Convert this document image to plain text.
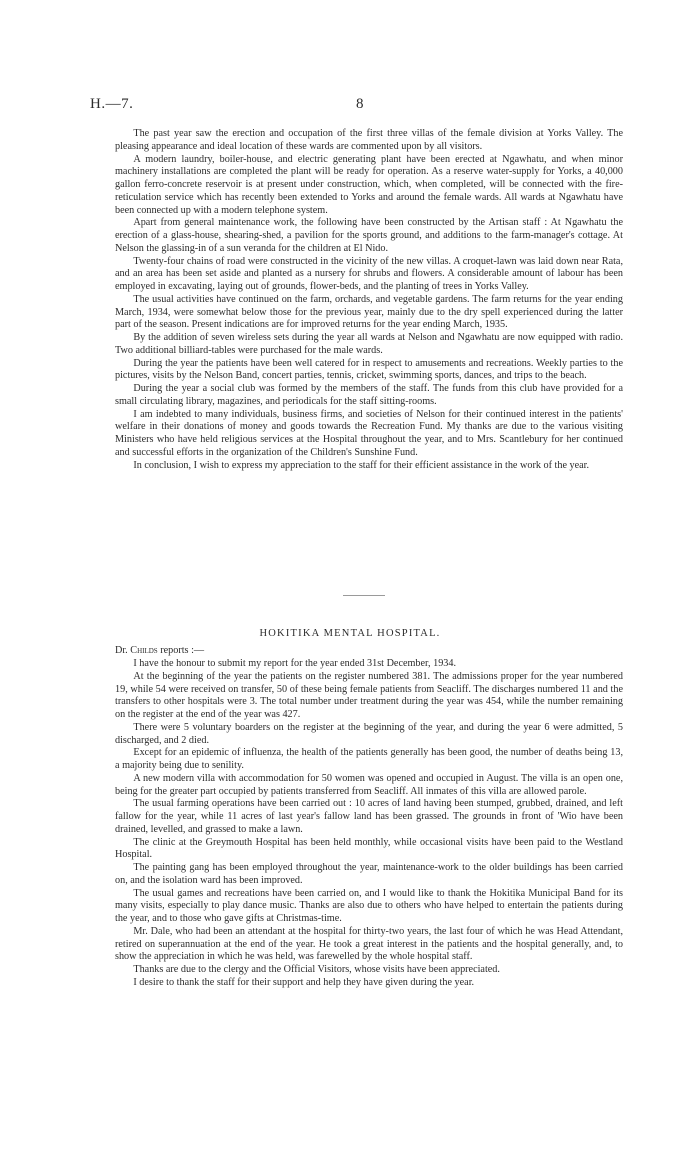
H.—7.	8

The past year saw the erection and occupation of the first three villas of the female division at Yorks Valley. The pleasing appearance and ideal location of these wards are commented upon by all visitors.

A modern laundry, boiler-house, and electric generating plant have been erected at Ngawhatu, and when minor machinery installations are completed the plant will be ready for operation. As a reserve water-supply for Yorks, a 40,000 gallon ferro-concrete reservoir is at present under construction, which, when completed, will be connected with the fire-reticulation service which has recently been extended to Yorks and around the female wards. All wards at Ngawhatu have been connected up with a modern telephone system.

Apart from general maintenance work, the following have been constructed by the Artisan staff : At Ngawhatu the erection of a glass-house, shearing-shed, a pavilion for the sports ground, and additions to the farm-manager's cottage. At Nelson the glassing-in of a sun veranda for the children at El Nido.

Twenty-four chains of road were constructed in the vicinity of the new villas. A croquet-lawn was laid down near Rata, and an area has been set aside and planted as a nursery for shrubs and flowers. A considerable amount of labour has been employed in excavating, laying out of grounds, flower-beds, and the planting of trees in Yorks Valley.

The usual activities have continued on the farm, orchards, and vegetable gardens. The farm returns for the year ending March, 1934, were somewhat below those for the previous year, mainly due to the dry spell experienced during the latter part of the season. Present indications are for improved returns for the year ending March, 1935.

By the addition of seven wireless sets during the year all wards at Nelson and Ngawhatu are now equipped with radio. Two additional billiard-tables were purchased for the male wards.

During the year the patients have been well catered for in respect to amusements and recreations. Weekly parties to the pictures, visits by the Nelson Band, concert parties, tennis, cricket, swimming sports, dances, and trips to the beach.

During the year a social club was formed by the members of the staff. The funds from this club have provided for a small circulating library, magazines, and periodicals for the staff sitting-rooms.

I am indebted to many individuals, business firms, and societies of Nelson for their continued interest in the patients' welfare in their donations of money and goods towards the Recreation Fund. My thanks are due to the various visiting Ministers who have held religious services at the Hospital throughout the year, and to Mrs. Scantlebury for her continued and successful efforts in the organization of the Children's Sunshine Fund.

In conclusion, I wish to express my appreciation to the staff for their efficient assistance in the work of the year.

HOKITIKA MENTAL HOSPITAL.
Dr. Childs reports :—

I have the honour to submit my report for the year ended 31st December, 1934.

At the beginning of the year the patients on the register numbered 381. The admissions proper for the year numbered 19, while 54 were received on transfer, 50 of these being female patients from Seacliff. The discharges numbered 11 and the transfers to other hospitals were 3. The total number under treatment during the year was 454, while the number remaining on the register at the end of the year was 427.

There were 5 voluntary boarders on the register at the beginning of the year, and during the year 6 were admitted, 5 discharged, and 2 died.

Except for an epidemic of influenza, the health of the patients generally has been good, the number of deaths being 13, a majority being due to senility.

A new modern villa with accommodation for 50 women was opened and occupied in August. The villa is an open one, being for the greater part occupied by patients transferred from Seacliff. All inmates of this villa are allowed parole.

The usual farming operations have been carried out : 10 acres of land having been stumped, grubbed, drained, and left fallow for the year, while 11 acres of last year's fallow land has been grassed. The grounds in front of 'Wio have been drained, levelled, and grassed to make a lawn.

The clinic at the Greymouth Hospital has been held monthly, while occasional visits have been paid to the Westland Hospital.

The painting gang has been employed throughout the year, maintenance-work to the older buildings has been carried on, and the isolation ward has been improved.

The usual games and recreations have been carried on, and I would like to thank the Hokitika Municipal Band for its many visits, especially to play dance music. Thanks are also due to others who have helped to entertain the patients during the year, and to those who gave gifts at Christmas-time.

Mr. Dale, who had been an attendant at the hospital for thirty-two years, the last four of which he was Head Attendant, retired on superannuation at the end of the year. He took a great interest in the patients and the hospital generally, and, to show the appreciation in which he was held, was farewelled by the whole hospital staff.

Thanks are due to the clergy and the Official Visitors, whose visits have been appreciated.

I desire to thank the staff for their support and help they have given during the year.
